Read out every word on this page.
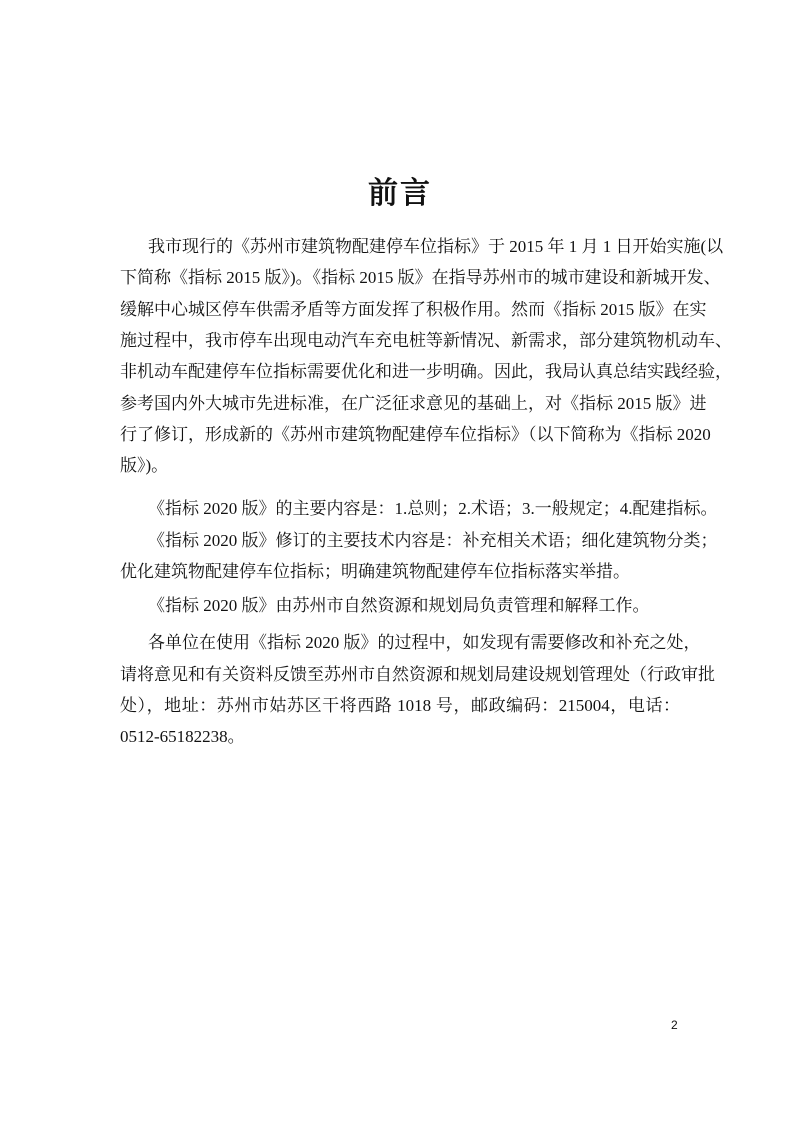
前言
我市现行的《苏州市建筑物配建停车位指标》于 2015 年 1 月 1 日开始实施(以
下简称《指标 2015 版》)。《指标 2015 版》在指导苏州市的城市建设和新城开发、
缓解中心城区停车供需矛盾等方面发挥了积极作用。然而《指标 2015 版》在实
施过程中，我市停车出现电动汽车充电桩等新情况、新需求，部分建筑物机动车、
非机动车配建停车位指标需要优化和进一步明确。因此，我局认真总结实践经验，
参考国内外大城市先进标准，在广泛征求意见的基础上，对《指标 2015 版》进
行了修订，形成新的《苏州市建筑物配建停车位指标》（以下简称为《指标 2020
版》)。
《指标 2020 版》的主要内容是：1.总则；2.术语；3.一般规定；4.配建指标。
《指标 2020 版》修订的主要技术内容是：补充相关术语；细化建筑物分类；
优化建筑物配建停车位指标；明确建筑物配建停车位指标落实举措。
《指标 2020 版》由苏州市自然资源和规划局负责管理和解释工作。
各单位在使用《指标 2020 版》的过程中，如发现有需要修改和补充之处，
请将意见和有关资料反馈至苏州市自然资源和规划局建设规划管理处（行政审批
处），地址：苏州市姑苏区干将西路 1018 号，邮政编码：215004，电话：
0512-65182238。
2
